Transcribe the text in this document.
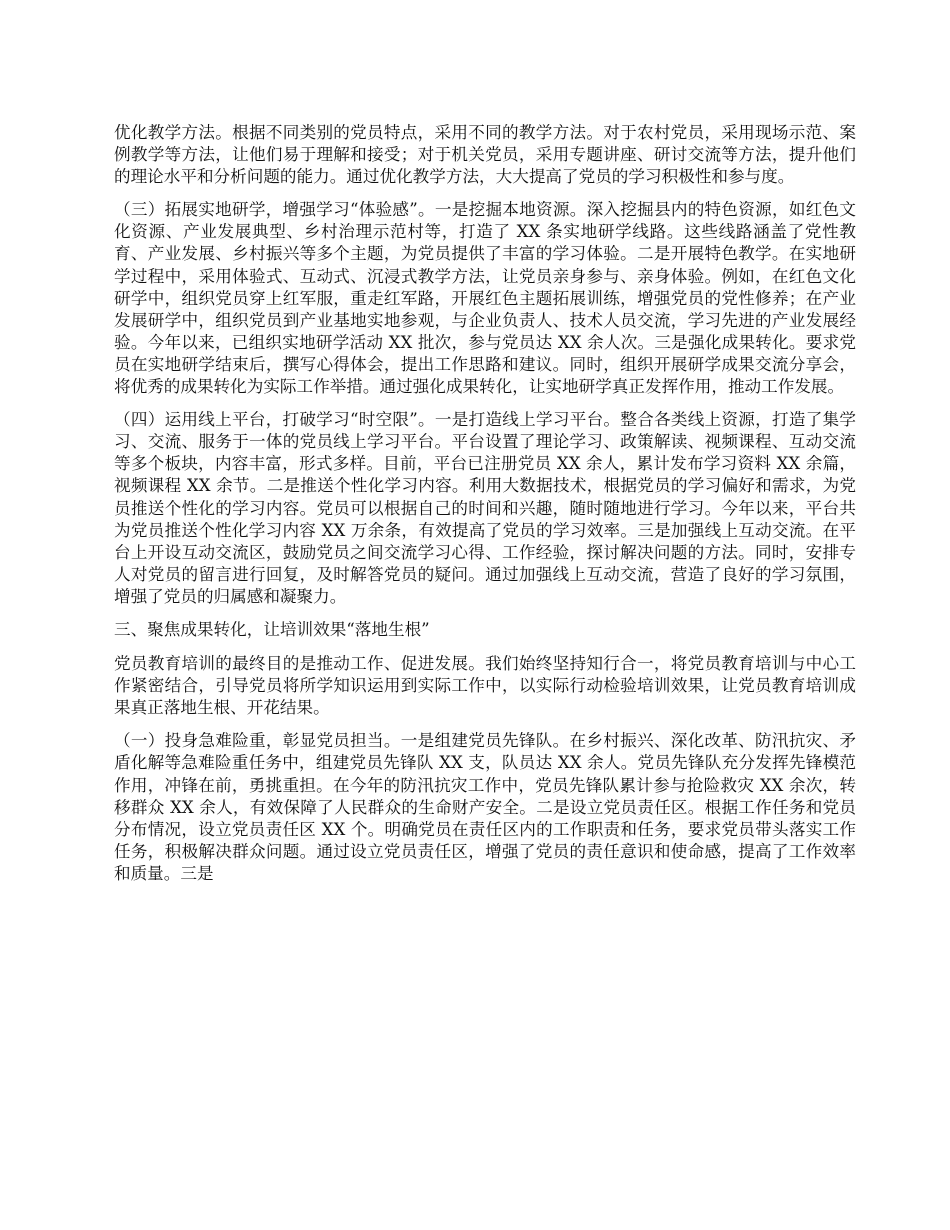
优化教学方法。根据不同类别的党员特点，采用不同的教学方法。对于农村党员，采用现场示范、案例教学等方法，让他们易于理解和接受；对于机关党员，采用专题讲座、研讨交流等方法，提升他们的理论水平和分析问题的能力。通过优化教学方法，大大提高了党员的学习积极性和参与度。

（三）拓展实地研学，增强学习“体验感”。一是挖掘本地资源。深入挖掘县内的特色资源，如红色文化资源、产业发展典型、乡村治理示范村等，打造了 XX 条实地研学线路。这些线路涵盖了党性教育、产业发展、乡村振兴等多个主题，为党员提供了丰富的学习体验。二是开展特色教学。在实地研学过程中，采用体验式、互动式、沉浸式教学方法，让党员亲身参与、亲身体验。例如，在红色文化研学中，组织党员穿上红军服，重走红军路，开展红色主题拓展训练，增强党员的党性修养；在产业发展研学中，组织党员到产业基地实地参观，与企业负责人、技术人员交流，学习先进的产业发展经验。今年以来，已组织实地研学活动 XX 批次，参与党员达 XX 余人次。三是强化成果转化。要求党员在实地研学结束后，撰写心得体会，提出工作思路和建议。同时，组织开展研学成果交流分享会，将优秀的成果转化为实际工作举措。通过强化成果转化，让实地研学真正发挥作用，推动工作发展。

（四）运用线上平台，打破学习“时空限”。一是打造线上学习平台。整合各类线上资源，打造了集学习、交流、服务于一体的党员线上学习平台。平台设置了理论学习、政策解读、视频课程、互动交流等多个板块，内容丰富，形式多样。目前，平台已注册党员 XX 余人，累计发布学习资料 XX 余篇，视频课程 XX 余节。二是推送个性化学习内容。利用大数据技术，根据党员的学习偏好和需求，为党员推送个性化的学习内容。党员可以根据自己的时间和兴趣，随时随地进行学习。今年以来，平台共为党员推送个性化学习内容 XX 万余条，有效提高了党员的学习效率。三是加强线上互动交流。在平台上开设互动交流区，鼓励党员之间交流学习心得、工作经验，探讨解决问题的方法。同时，安排专人对党员的留言进行回复，及时解答党员的疑问。通过加强线上互动交流，营造了良好的学习氛围，增强了党员的归属感和凝聚力。

三、聚焦成果转化，让培训效果“落地生根”

党员教育培训的最终目的是推动工作、促进发展。我们始终坚持知行合一，将党员教育培训与中心工作紧密结合，引导党员将所学知识运用到实际工作中，以实际行动检验培训效果，让党员教育培训成果真正落地生根、开花结果。

（一）投身急难险重，彰显党员担当。一是组建党员先锋队。在乡村振兴、深化改革、防汛抗灾、矛盾化解等急难险重任务中，组建党员先锋队 XX 支，队员达 XX 余人。党员先锋队充分发挥先锋模范作用，冲锋在前，勇挑重担。在今年的防汛抗灾工作中，党员先锋队累计参与抢险救灾 XX 余次，转移群众 XX 余人，有效保障了人民群众的生命财产安全。二是设立党员责任区。根据工作任务和党员分布情况，设立党员责任区 XX 个。明确党员在责任区内的工作职责和任务，要求党员带头落实工作任务，积极解决群众问题。通过设立党员责任区，增强了党员的责任意识和使命感，提高了工作效率和质量。三是
